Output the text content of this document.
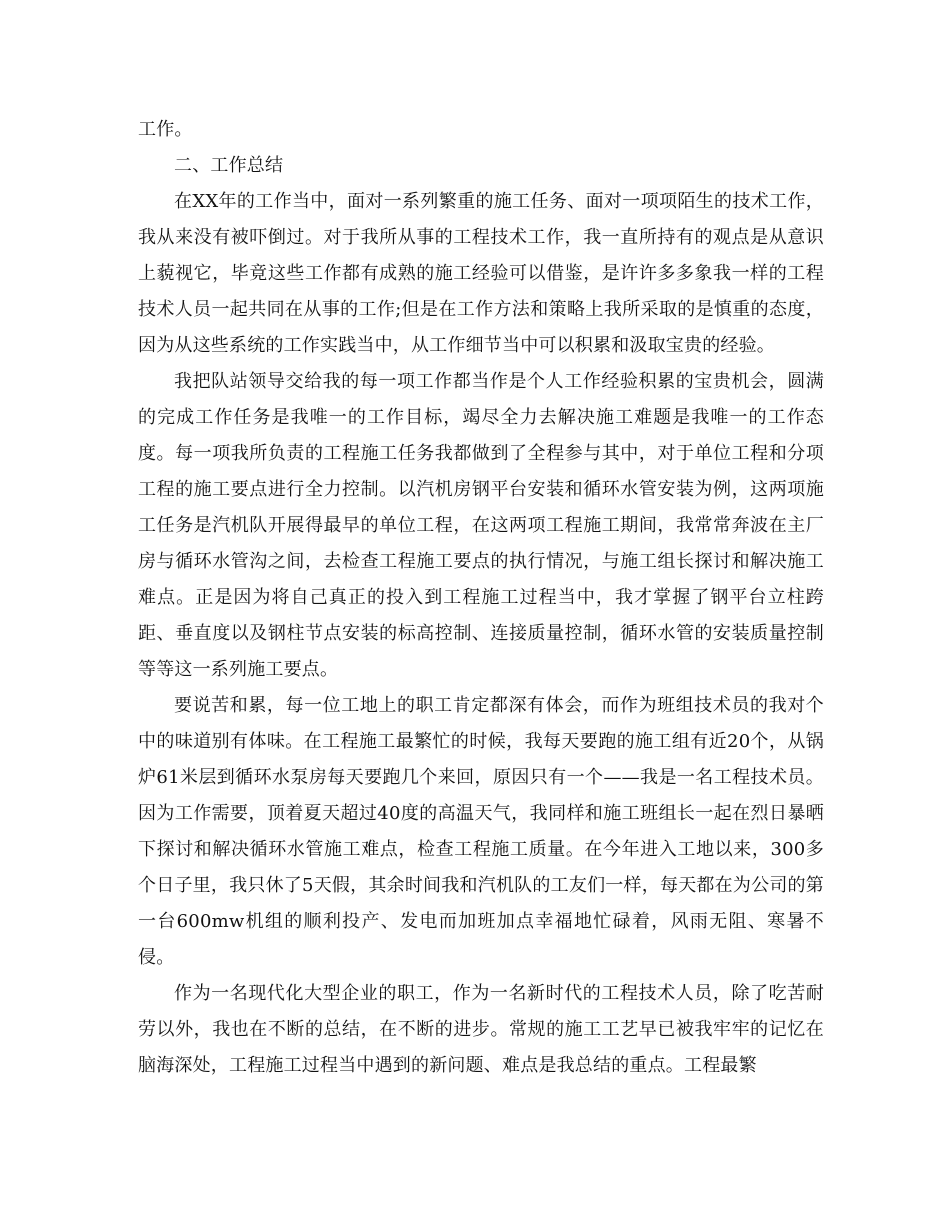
工作。

二、工作总结

在XX年的工作当中，面对一系列繁重的施工任务、面对一项项陌生的技术工作，我从来没有被吓倒过。对于我所从事的工程技术工作，我一直所持有的观点是从意识上藐视它，毕竟这些工作都有成熟的施工经验可以借鉴，是许许多多象我一样的工程技术人员一起共同在从事的工作;但是在工作方法和策略上我所采取的是慎重的态度，因为从这些系统的工作实践当中，从工作细节当中可以积累和汲取宝贵的经验。

我把队站领导交给我的每一项工作都当作是个人工作经验积累的宝贵机会，圆满的完成工作任务是我唯一的工作目标，竭尽全力去解决施工难题是我唯一的工作态度。每一项我所负责的工程施工任务我都做到了全程参与其中，对于单位工程和分项工程的施工要点进行全力控制。以汽机房钢平台安装和循环水管安装为例，这两项施工任务是汽机队开展得最早的单位工程，在这两项工程施工期间，我常常奔波在主厂房与循环水管沟之间，去检查工程施工要点的执行情况，与施工组长探讨和解决施工难点。正是因为将自己真正的投入到工程施工过程当中，我才掌握了钢平台立柱跨距、垂直度以及钢柱节点安装的标高控制、连接质量控制，循环水管的安装质量控制等等这一系列施工要点。

要说苦和累，每一位工地上的职工肯定都深有体会，而作为班组技术员的我对个中的味道别有体味。在工程施工最繁忙的时候，我每天要跑的施工组有近20个，从锅炉61米层到循环水泵房每天要跑几个来回，原因只有一个——我是一名工程技术员。因为工作需要，顶着夏天超过40度的高温天气，我同样和施工班组长一起在烈日暴晒下探讨和解决循环水管施工难点，检查工程施工质量。在今年进入工地以来，300多个日子里，我只休了5天假，其余时间我和汽机队的工友们一样，每天都在为公司的第一台600mw机组的顺利投产、发电而加班加点幸福地忙碌着，风雨无阻、寒暑不侵。

作为一名现代化大型企业的职工，作为一名新时代的工程技术人员，除了吃苦耐劳以外，我也在不断的总结，在不断的进步。常规的施工工艺早已被我牢牢的记忆在脑海深处，工程施工过程当中遇到的新问题、难点是我总结的重点。工程最繁
